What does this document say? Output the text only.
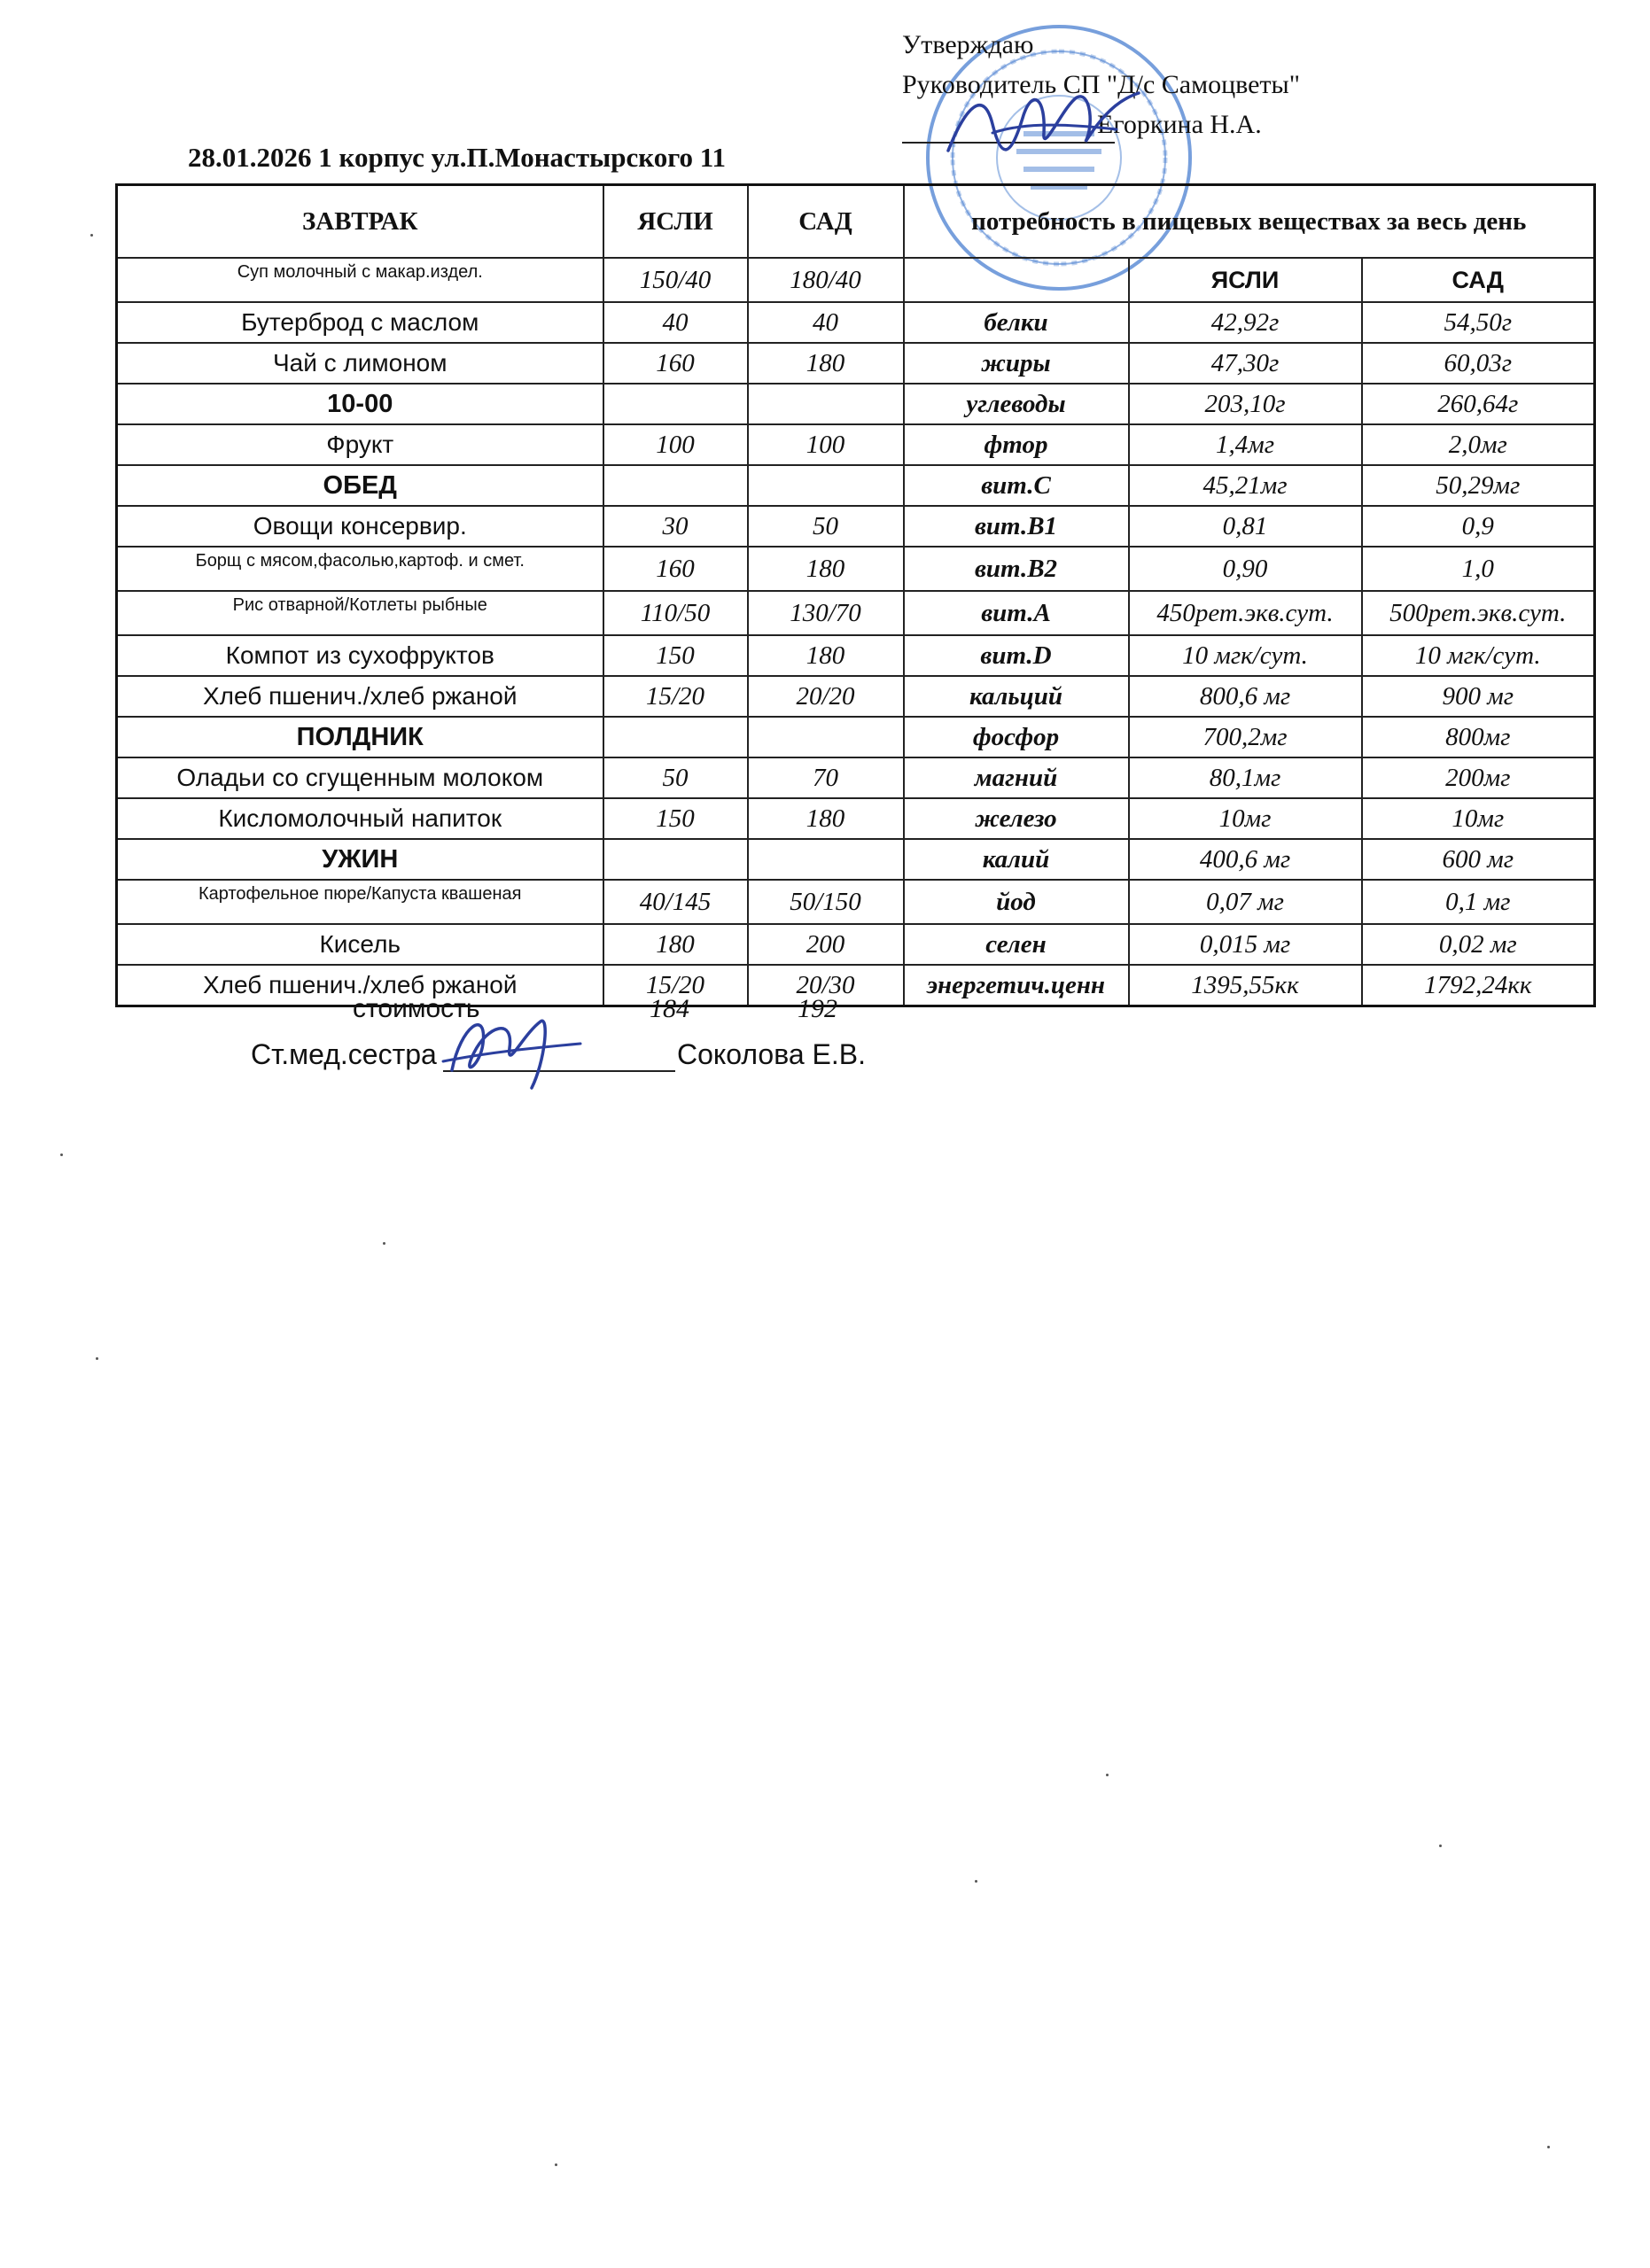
Утверждаю
Руководитель СП "Д/с Самоцветы"
Егоркина Н.А.
28.01.2026 1 корпус ул.П.Монастырского 11
ЗАВТРАК	ЯСЛИ	САД	потребность в пищевых веществах за весь день		
Суп молочный с макар.издел.	150/40	180/40		ЯСЛИ	САД
Бутерброд с маслом	40	40	белки	42,92г	54,50г
Чай с лимоном	160	180	жиры	47,30г	60,03г
10-00			углеводы	203,10г	260,64г
Фрукт	100	100	фтор	1,4мг	2,0мг
ОБЕД			вит.С	45,21мг	50,29мг
Овощи консервир.	30	50	вит.В1	0,81	0,9
Борщ с мясом,фасолью,картоф. и смет.	160	180	вит.В2	0,90	1,0
Рис отварной/Котлеты рыбные	110/50	130/70	вит.А	450рет.экв.сут.	500рет.экв.сут.
Компот из сухофруктов	150	180	вит.D	10 мгк/сут.	10 мгк/сут.
Хлеб пшенич./хлеб ржаной	15/20	20/20	кальций	800,6 мг	900 мг
ПОЛДНИК			фосфор	700,2мг	800мг
Оладьи со сгущенным молоком	50	70	магний	80,1мг	200мг
Кисломолочный напиток	150	180	железо	10мг	10мг
УЖИН			калий	400,6 мг	600 мг
Картофельное пюре/Капуста квашеная	40/145	50/150	йод	0,07 мг	0,1 мг
Кисель	180	200	селен	0,015 мг	0,02 мг
Хлеб пшенич./хлеб ржаной	15/20	20/30	энергетич.ценн	1395,55кк	1792,24кк
стоимость	184	192
Ст.мед.сестра	Соколова Е.В.
